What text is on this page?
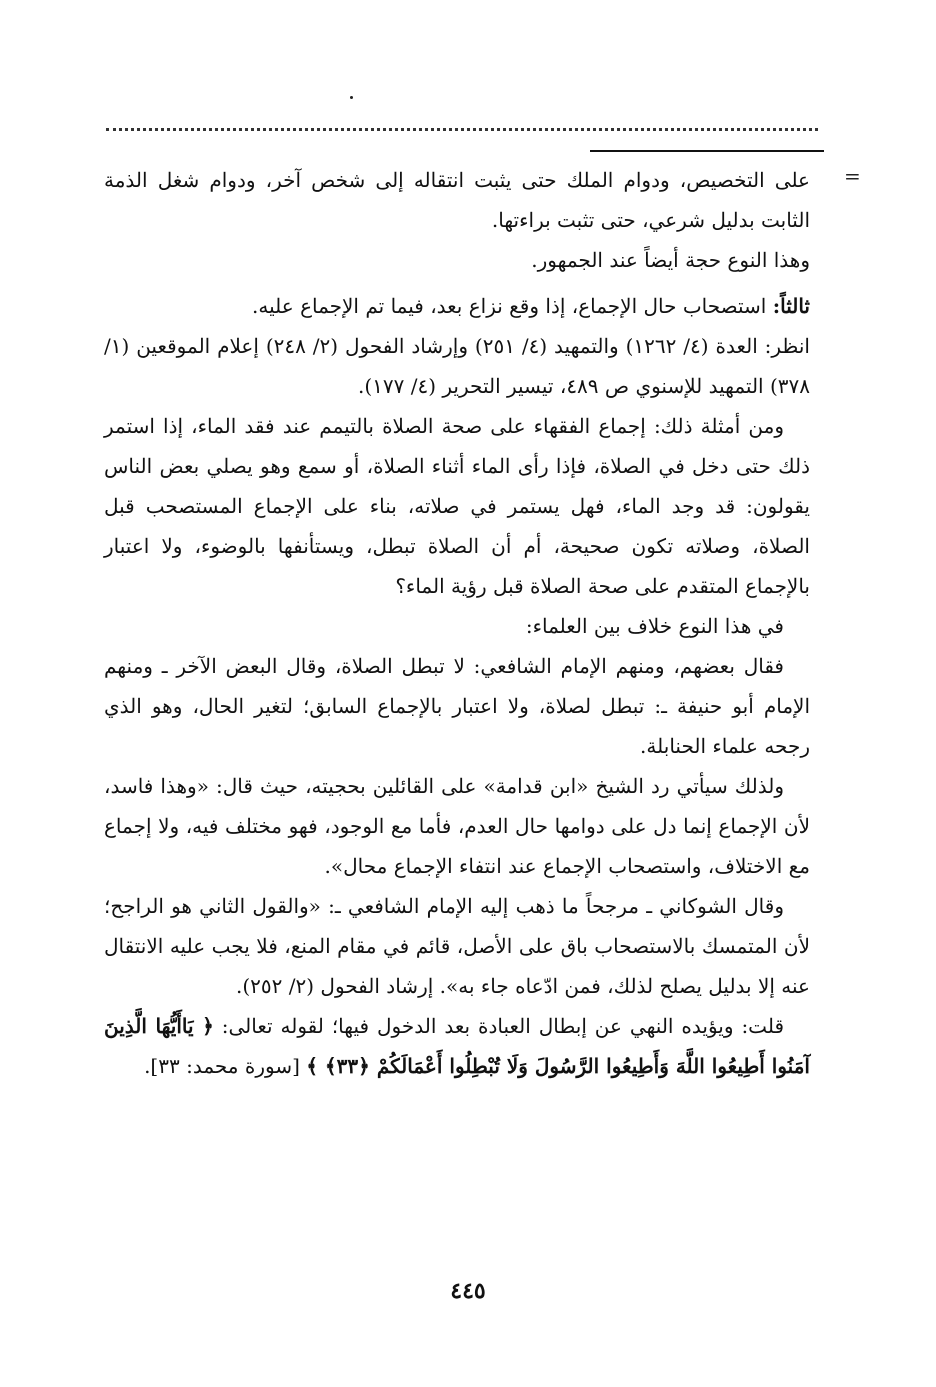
=

على التخصيص، ودوام الملك حتى يثبت انتقاله إلى شخص آخر، ودوام شغل الذمة الثابت بدليل شرعي، حتى تثبت براءتها.

وهذا النوع حجة أيضاً عند الجمهور.

ثالثاً: استصحاب حال الإجماع، إذا وقع نزاع بعد، فيما تم الإجماع عليه.

انظر: العدة (٤/ ١٢٦٢) والتمهيد (٤/ ٢٥١) وإرشاد الفحول (٢/ ٢٤٨) إعلام الموقعين (١/ ٣٧٨) التمهيد للإسنوي ص ٤٨٩، تيسير التحرير (٤/ ١٧٧).

ومن أمثلة ذلك: إجماع الفقهاء على صحة الصلاة بالتيمم عند فقد الماء، إذا استمر ذلك حتى دخل في الصلاة، فإذا رأى الماء أثناء الصلاة، أو سمع وهو يصلي بعض الناس يقولون: قد وجد الماء، فهل يستمر في صلاته، بناء على الإجماع المستصحب قبل الصلاة، وصلاته تكون صحيحة، أم أن الصلاة تبطل، ويستأنفها بالوضوء، ولا اعتبار بالإجماع المتقدم على صحة الصلاة قبل رؤية الماء؟

في هذا النوع خلاف بين العلماء:

فقال بعضهم، ومنهم الإمام الشافعي: لا تبطل الصلاة، وقال البعض الآخر ـ ومنهم الإمام أبو حنيفة ـ: تبطل لصلاة، ولا اعتبار بالإجماع السابق؛ لتغير الحال، وهو الذي رجحه علماء الحنابلة.

ولذلك سيأتي رد الشيخ «ابن قدامة» على القائلين بحجيته، حيث قال: «وهذا فاسد، لأن الإجماع إنما دل على دوامها حال العدم، فأما مع الوجود، فهو مختلف فيه، ولا إجماع مع الاختلاف، واستصحاب الإجماع عند انتفاء الإجماع محال».

وقال الشوكاني ـ مرجحاً ما ذهب إليه الإمام الشافعي ـ: «والقول الثاني هو الراجح؛ لأن المتمسك بالاستصحاب باق على الأصل، قائم في مقام المنع، فلا يجب عليه الانتقال عنه إلا بدليل يصلح لذلك، فمن ادّعاه جاء به». إرشاد الفحول (٢/ ٢٥٢).

قلت: ويؤيده النهي عن إبطال العبادة بعد الدخول فيها؛ لقوله تعالى: ﴿ يَاأَيُّهَا الَّذِينَ آمَنُوا أَطِيعُوا اللَّهَ وَأَطِيعُوا الرَّسُولَ وَلَا تُبْطِلُوا أَعْمَالَكُمْ ﴿٣٣﴾ ﴾ [سورة محمد: ٣٣].

٤٤٥
